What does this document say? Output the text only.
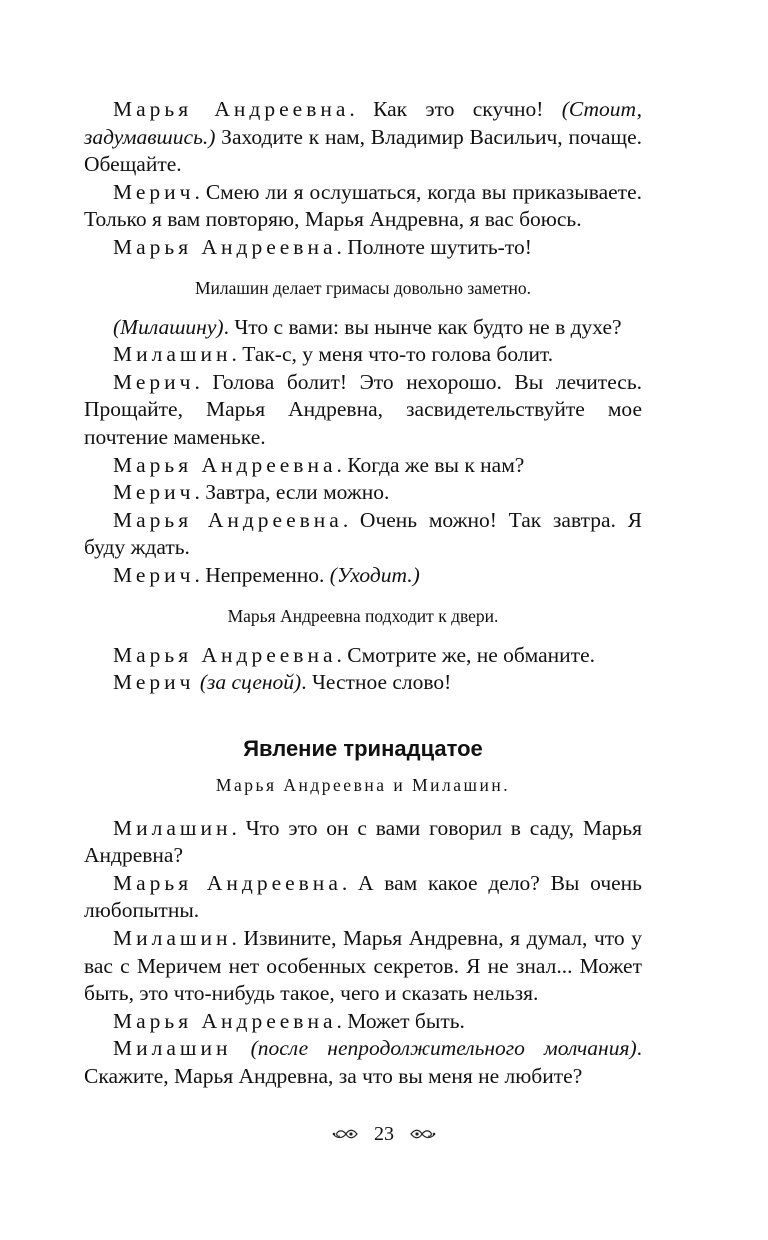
Марья Андреевна. Как это скучно! (Стоит, задумавшись.) Заходите к нам, Владимир Васильич, почаще. Обещайте.

Мерич. Смею ли я ослушаться, когда вы приказываете. Только я вам повторяю, Марья Андревна, я вас боюсь.

Марья Андреевна. Полноте шутить-то!

Милашин делает гримасы довольно заметно.

(Милашину). Что с вами: вы нынче как будто не в духе?

Милашин. Так-с, у меня что-то голова болит.

Мерич. Голова болит! Это нехорошо. Вы лечитесь. Прощайте, Марья Андревна, засвидетельствуйте мое почтение маменьке.

Марья Андреевна. Когда же вы к нам?

Мерич. Завтра, если можно.

Марья Андреевна. Очень можно! Так завтра. Я буду ждать.

Мерич. Непременно. (Уходит.)

Марья Андреевна подходит к двери.

Марья Андреевна. Смотрите же, не обманите.

Мерич (за сценой). Честное слово!

Явление тринадцатое

Марья Андреевна и Милашин.

Милашин. Что это он с вами говорил в саду, Марья Андревна?

Марья Андреевна. А вам какое дело? Вы очень любопытны.

Милашин. Извините, Марья Андревна, я думал, что у вас с Меричем нет особенных секретов. Я не знал... Может быть, это что-нибудь такое, чего и сказать нельзя.

Марья Андреевна. Может быть.

Милашин (после непродолжительного молчания). Скажите, Марья Андревна, за что вы меня не любите?

23
